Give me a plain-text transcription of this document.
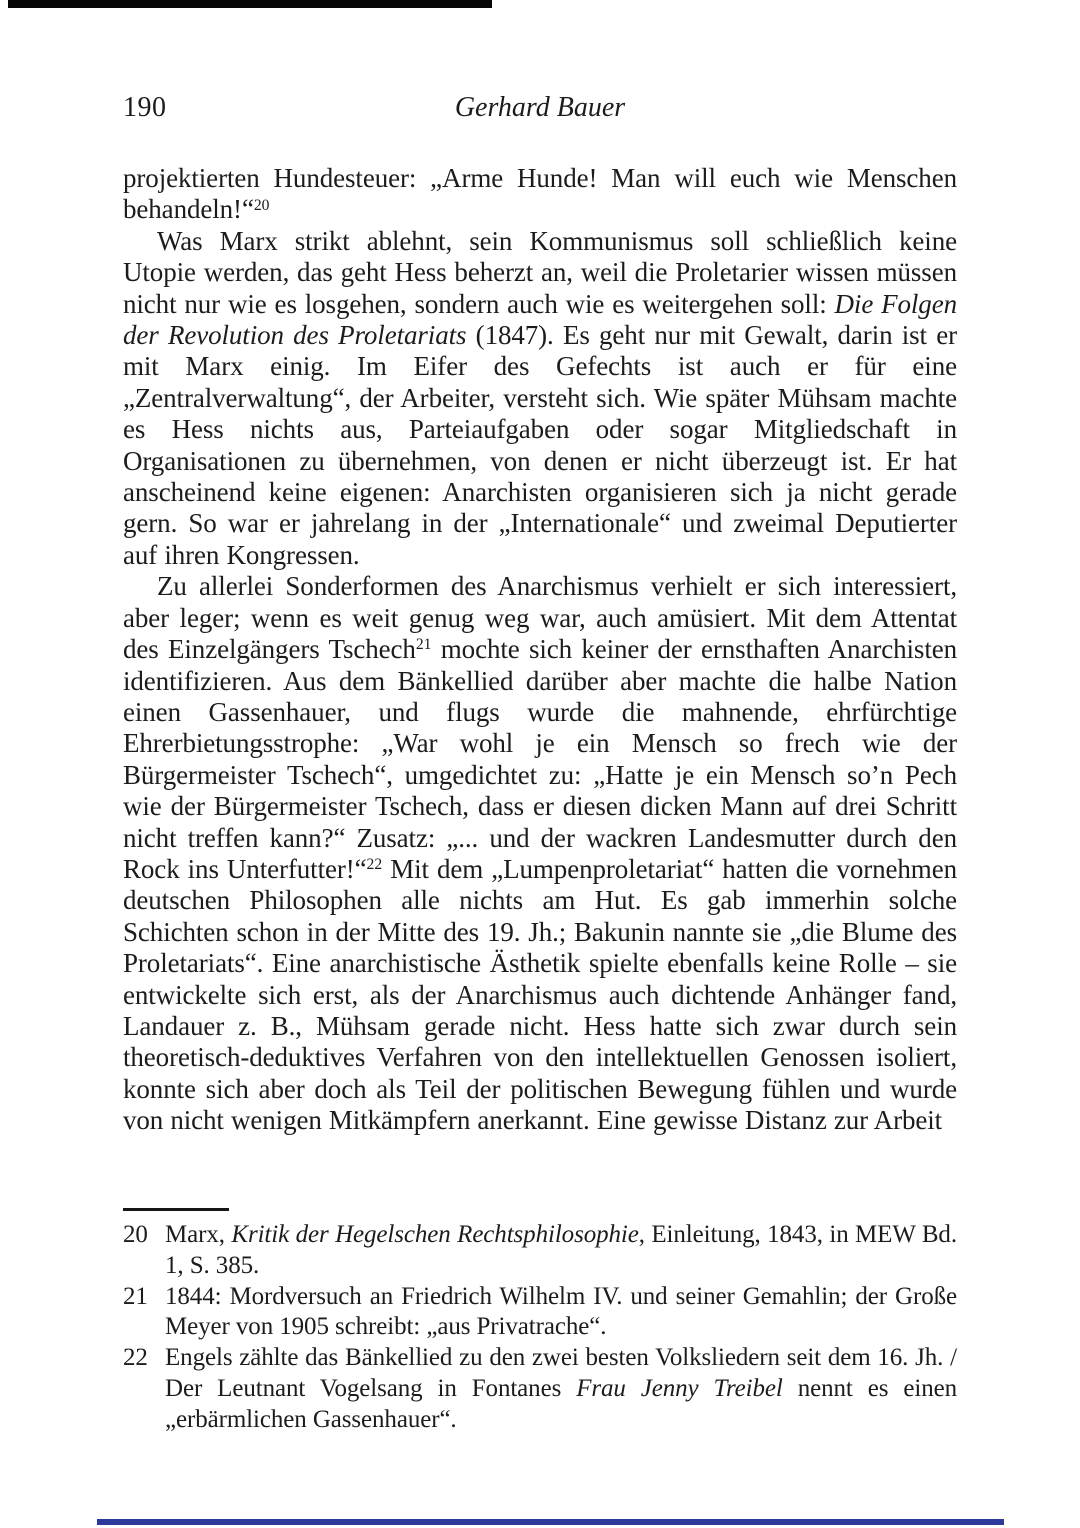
190	Gerhard Bauer

projektierten Hundesteuer: „Arme Hunde! Man will euch wie Menschen behandeln!“$^{20}$

Was Marx strikt ablehnt, sein Kommunismus soll schließlich keine Utopie werden, das geht Hess beherzt an, weil die Proletarier wissen müssen nicht nur wie es losgehen, sondern auch wie es weitergehen soll: Die Folgen der Revolution des Proletariats (1847). Es geht nur mit Gewalt, darin ist er mit Marx einig. Im Eifer des Gefechts ist auch er für eine „Zentralverwaltung“, der Arbeiter, versteht sich. Wie später Mühsam machte es Hess nichts aus, Parteiaufgaben oder sogar Mitgliedschaft in Organisationen zu übernehmen, von denen er nicht überzeugt ist. Er hat anscheinend keine eigenen: Anarchisten organisieren sich ja nicht gerade gern. So war er jahrelang in der „Internationale“ und zweimal Deputierter auf ihren Kongressen.

Zu allerlei Sonderformen des Anarchismus verhielt er sich interessiert, aber leger; wenn es weit genug weg war, auch amüsiert. Mit dem Attentat des Einzelgängers Tschech$^{21}$ mochte sich keiner der ernsthaften Anarchisten identifizieren. Aus dem Bänkellied darüber aber machte die halbe Nation einen Gassenhauer, und flugs wurde die mahnende, ehrfürchtige Ehrerbietungsstrophe: „War wohl je ein Mensch so frech wie der Bürgermeister Tschech“, umgedichtet zu: „Hatte je ein Mensch so’n Pech wie der Bürgermeister Tschech, dass er diesen dicken Mann auf drei Schritt nicht treffen kann?“ Zusatz: „... und der wackren Landesmutter durch den Rock ins Unterfutter!“$^{22}$ Mit dem „Lumpenproletariat“ hatten die vornehmen deutschen Philosophen alle nichts am Hut. Es gab immerhin solche Schichten schon in der Mitte des 19. Jh.; Bakunin nannte sie „die Blume des Proletariats“. Eine anarchistische Ästhetik spielte ebenfalls keine Rolle – sie entwickelte sich erst, als der Anarchismus auch dichtende Anhänger fand, Landauer z. B., Mühsam gerade nicht. Hess hatte sich zwar durch sein theoretisch-deduktives Verfahren von den intellektuellen Genossen isoliert, konnte sich aber doch als Teil der politischen Bewegung fühlen und wurde von nicht wenigen Mitkämpfern anerkannt. Eine gewisse Distanz zur Arbeit

20 Marx, Kritik der Hegelschen Rechtsphilosophie, Einleitung, 1843, in MEW Bd. 1, S. 385.
21 1844: Mordversuch an Friedrich Wilhelm IV. und seiner Gemahlin; der Große Meyer von 1905 schreibt: „aus Privatrache“.
22 Engels zählte das Bänkellied zu den zwei besten Volksliedern seit dem 16. Jh. / Der Leutnant Vogelsang in Fontanes Frau Jenny Treibel nennt es einen „erbärmlichen Gassenhauer“.
